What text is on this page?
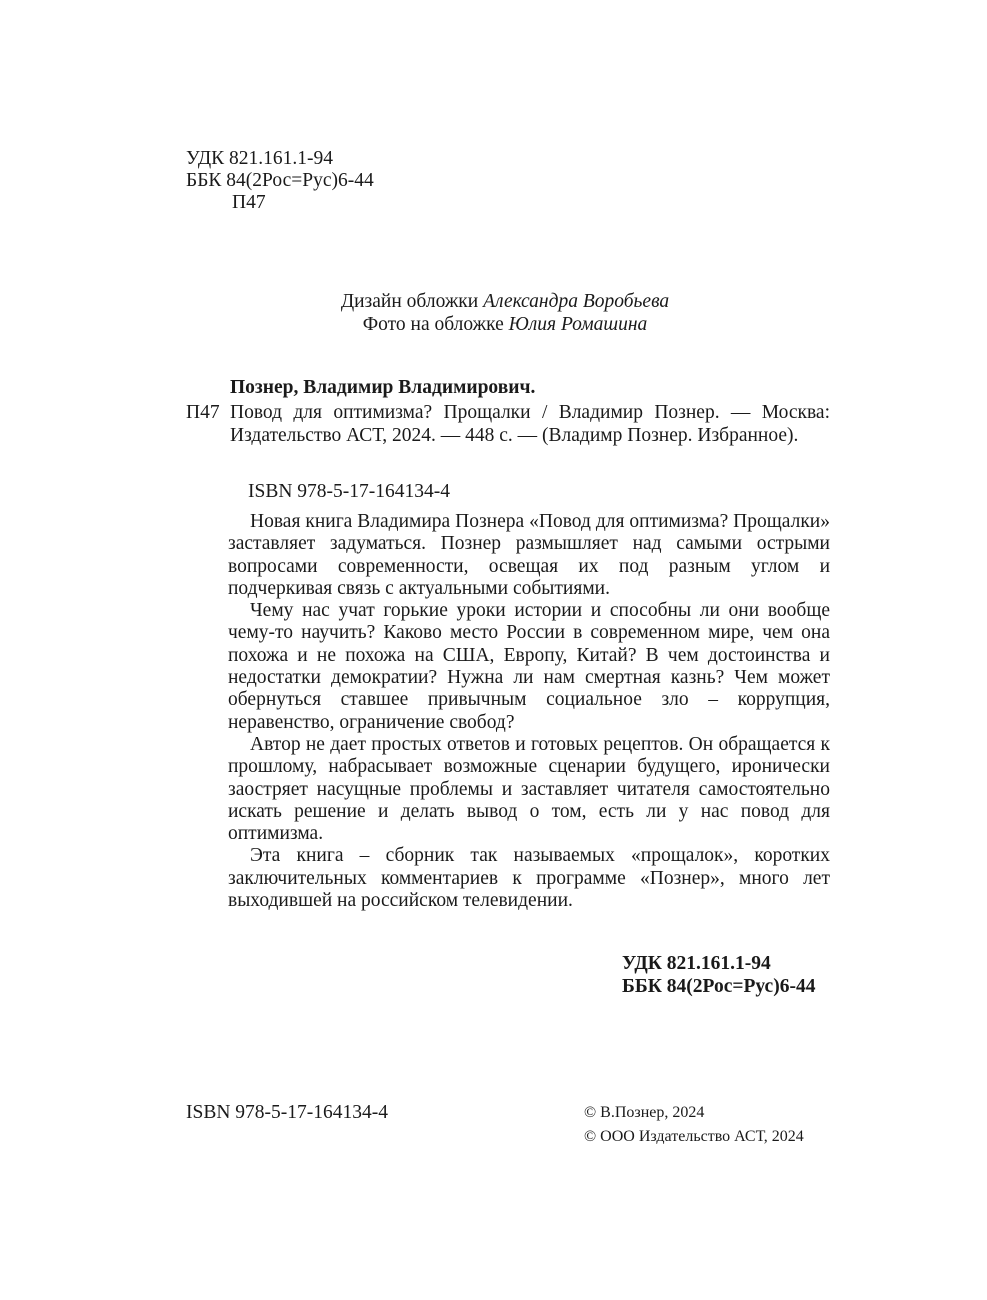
УДК 821.161.1-94
ББК 84(2Рос=Рус)6-44
П47
Дизайн обложки Александра Воробьева
Фото на обложке Юлия Ромашина
Познер, Владимир Владимирович.
П47 Повод для оптимизма? Прощалки / Владимир Познер. — Москва: Издательство АСТ, 2024. — 448 с. — (Владимр Познер. Избранное).
ISBN 978-5-17-164134-4

Новая книга Владимира Познера «Повод для оптимизма? Прощалки» заставляет задуматься. Познер размышляет над самыми острыми вопросами современности, освещая их под разным углом и подчеркивая связь с актуальными событиями.

Чему нас учат горькие уроки истории и способны ли они вообще чему-то научить? Каково место России в современном мире, чем она похожа и не похожа на США, Европу, Китай? В чем достоинства и недостатки демократии? Нужна ли нам смертная казнь? Чем может обернуться ставшее привычным социальное зло – коррупция, неравенство, ограничение свобод?

Автор не дает простых ответов и готовых рецептов. Он обращается к прошлому, набрасывает возможные сценарии будущего, иронически заостряет насущные проблемы и заставляет читателя самостоятельно искать решение и делать вывод о том, есть ли у нас повод для оптимизма.

Эта книга – сборник так называемых «прощалок», коротких заключительных комментариев к программе «Познер», много лет выходившей на российском телевидении.

УДК 821.161.1-94
ББК 84(2Рос=Рус)6-44
ISBN 978-5-17-164134-4	© В.Познер, 2024
© ООО Издательство АСТ, 2024
